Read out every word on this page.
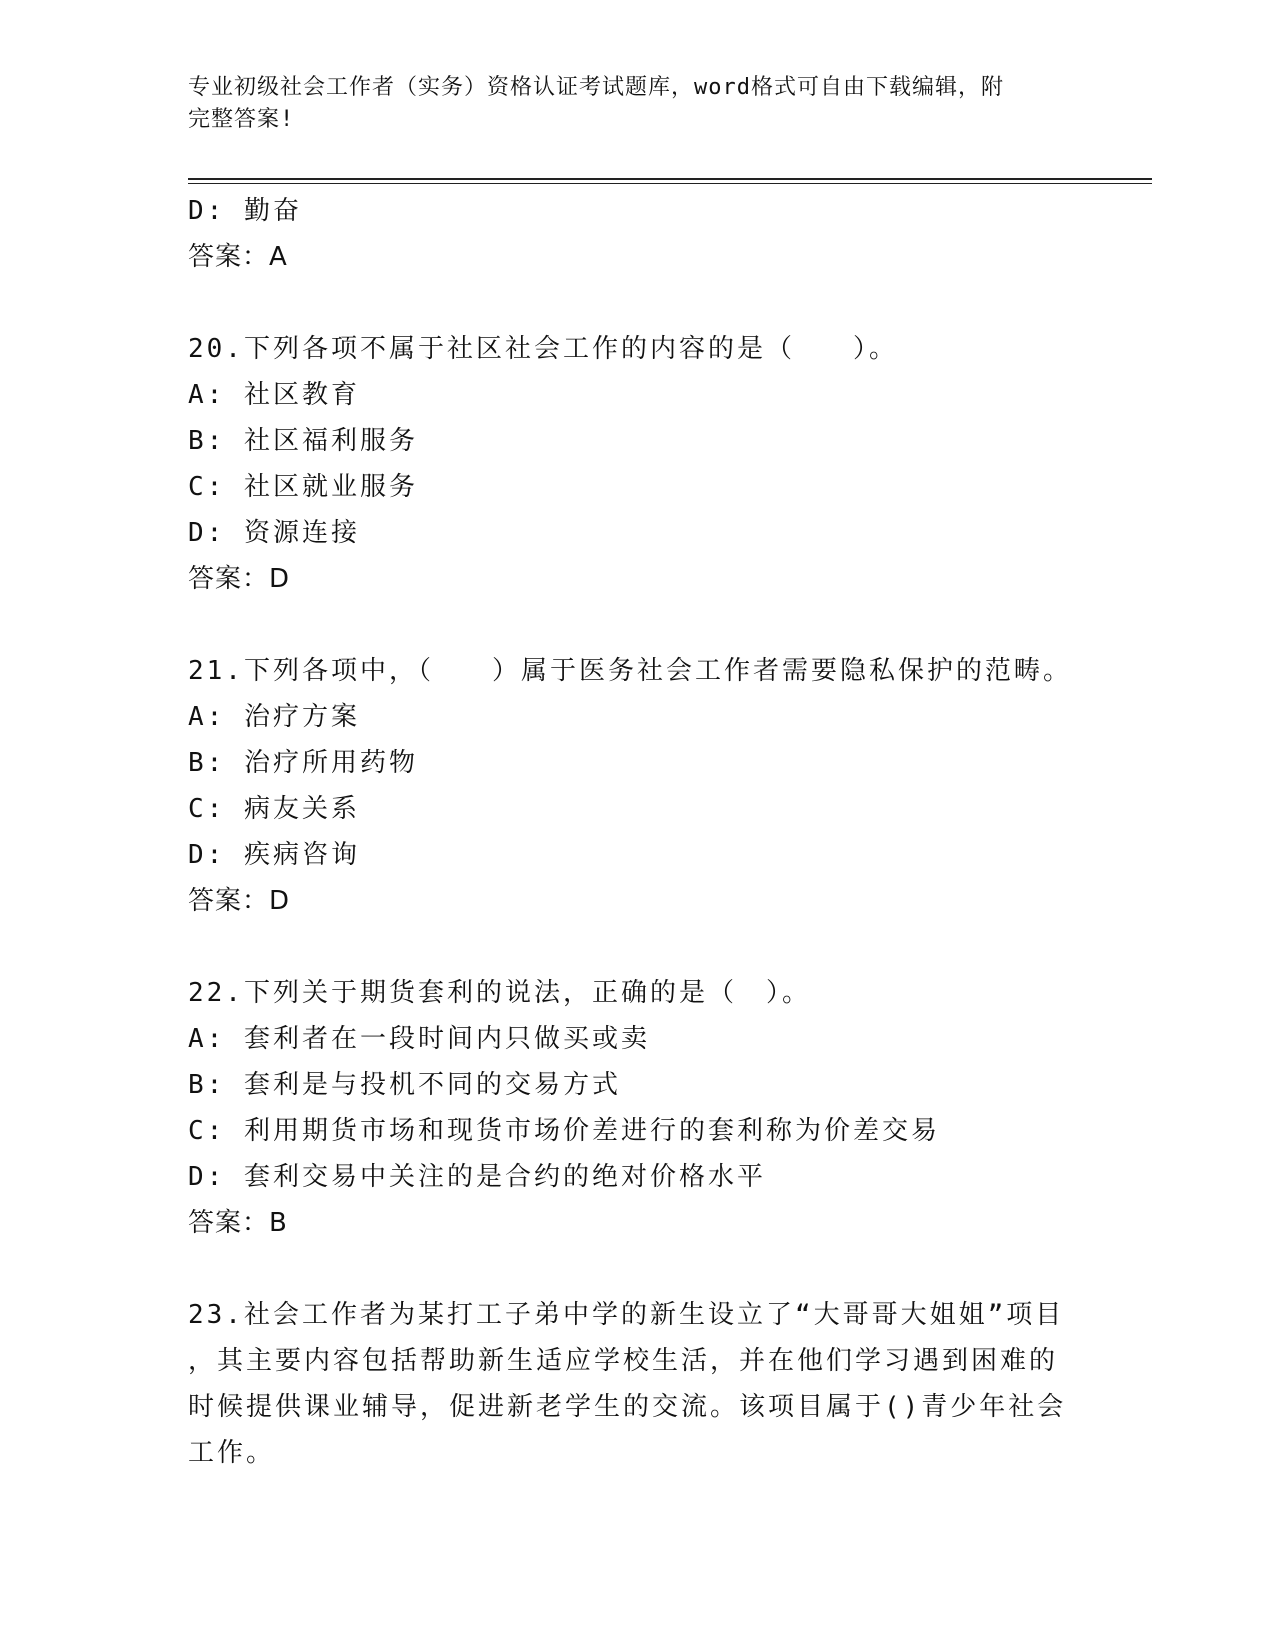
专业初级社会工作者（实务）资格认证考试题库，word格式可自由下载编辑，附
完整答案!
D: 勤奋
答案：A
20.下列各项不属于社区社会工作的内容的是（　　）。
A: 社区教育
B: 社区福利服务
C: 社区就业服务
D: 资源连接
答案：D
21.下列各项中，（　　）属于医务社会工作者需要隐私保护的范畴。
A: 治疗方案
B: 治疗所用药物
C: 病友关系
D: 疾病咨询
答案：D
22.下列关于期货套利的说法，正确的是（　）。
A: 套利者在一段时间内只做买或卖
B: 套利是与投机不同的交易方式
C: 利用期货市场和现货市场价差进行的套利称为价差交易
D: 套利交易中关注的是合约的绝对价格水平
答案：B
23.社会工作者为某打工子弟中学的新生设立了“大哥哥大姐姐”项目
，其主要内容包括帮助新生适应学校生活，并在他们学习遇到困难的
时候提供课业辅导，促进新老学生的交流。该项目属于()青少年社会
工作。
